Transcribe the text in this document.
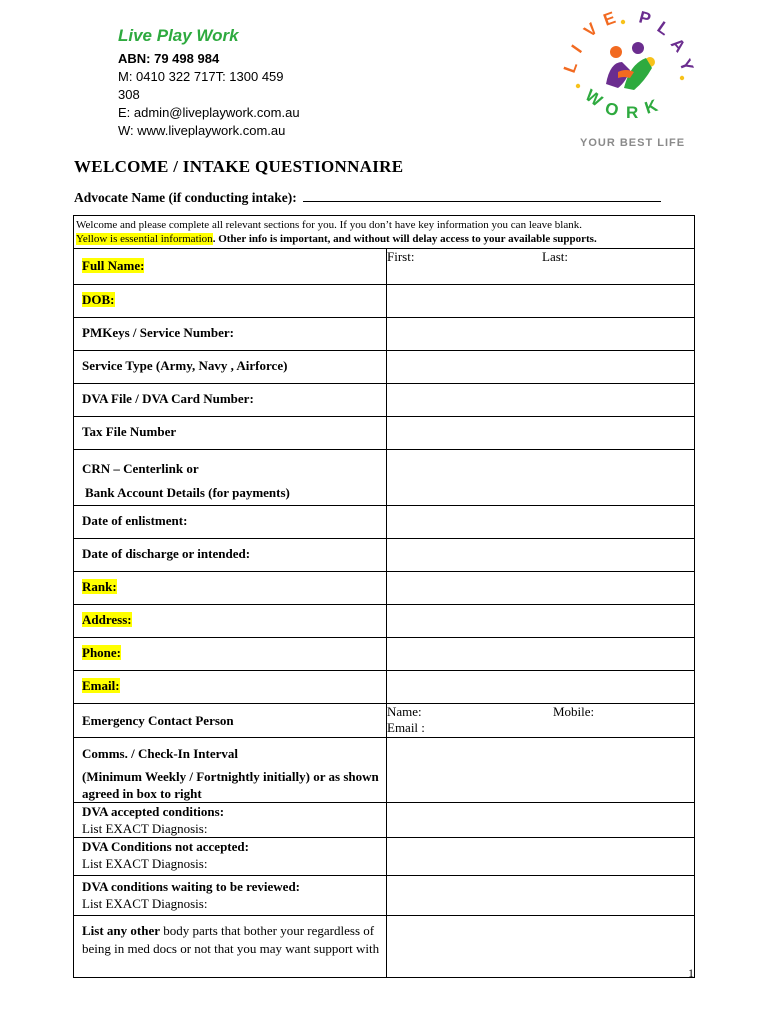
Live Play Work
ABN: 79 498 984
M: 0410 322 717T: 1300 459
308
E: admin@liveplaywork.com.au
W: www.liveplaywork.com.au
L
I
V
E P L
A
Y
W
O R K
YOUR BEST LIFE
WELCOME / INTAKE QUESTIONNAIRE
Advocate Name (if conducting intake):
Welcome and please complete all relevant sections for you. If you don’t have key information you can leave blank.
Yellow is essential information. Other info is important, and without will delay access to your available supports.
Full Name:	First: Last:

DOB:	
PMKeys / Service Number:	
Service Type (Army, Navy , Airforce)	
DVA File / DVA Card Number:	
Tax File Number	

CRN – Centerlink or
Bank Account Details (for payments)	

Date of enlistment:	
Date of discharge or intended:	
Rank:	
Address:	
Phone:	
Email:	
Emergency Contact Person	Name: Mobile:
Email :

Comms. / Check-In Interval
(Minimum Weekly / Fortnightly initially) or as shown agreed in box to right	

DVA accepted conditions:
List EXACT Diagnosis:	

DVA Conditions not accepted:
List EXACT Diagnosis:	

DVA conditions waiting to be reviewed:
List EXACT Diagnosis:	

List any other body parts that bother your regardless of being in med docs or not that you may want support with	
1
